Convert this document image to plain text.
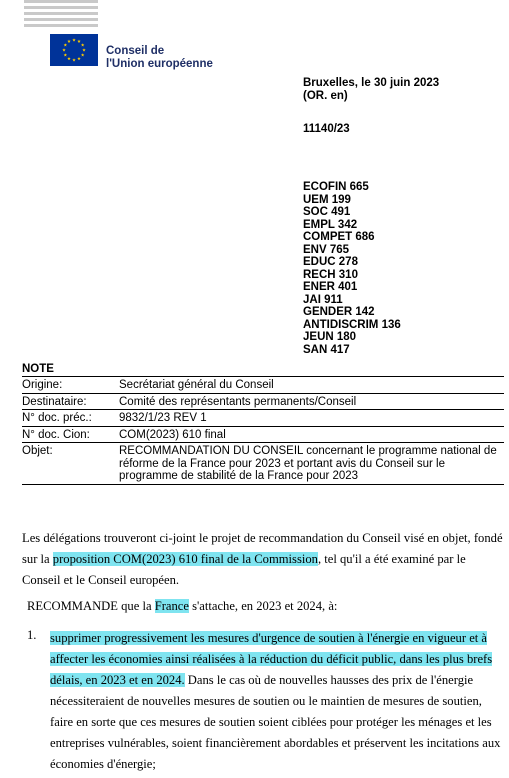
Conseil de
l'Union européenne
Bruxelles, le 30 juin 2023
(OR. en)
11140/23
ECOFIN 665
UEM 199
SOC 491
EMPL 342
COMPET 686
ENV 765
EDUC 278
RECH 310
ENER 401
JAI 911
GENDER 142
ANTIDISCRIM 136
JEUN 180
SAN 417
NOTE
Origine:	Secrétariat général du Conseil
Destinataire:	Comité des représentants permanents/Conseil
N° doc. préc.:	9832/1/23 REV 1
N° doc. Cion:	COM(2023) 610 final
Objet:	RECOMMANDATION DU CONSEIL concernant le programme national de réforme de la France pour 2023 et portant avis du Conseil sur le programme de stabilité de la France pour 2023
Les délégations trouveront ci-joint le projet de recommandation du Conseil visé en objet, fondé sur la proposition COM(2023) 610 final de la Commission, tel qu'il a été examiné par le Conseil et le Conseil européen.
RECOMMANDE que la France s'attache, en 2023 et 2024, à:
1. supprimer progressivement les mesures d'urgence de soutien à l'énergie en vigueur et à affecter les économies ainsi réalisées à la réduction du déficit public, dans les plus brefs délais, en 2023 et en 2024. Dans le cas où de nouvelles hausses des prix de l'énergie nécessiteraient de nouvelles mesures de soutien ou le maintien de mesures de soutien, faire en sorte que ces mesures de soutien soient ciblées pour protéger les ménages et les entreprises vulnérables, soient financièrement abordables et préservent les incitations aux économies d'énergie;
